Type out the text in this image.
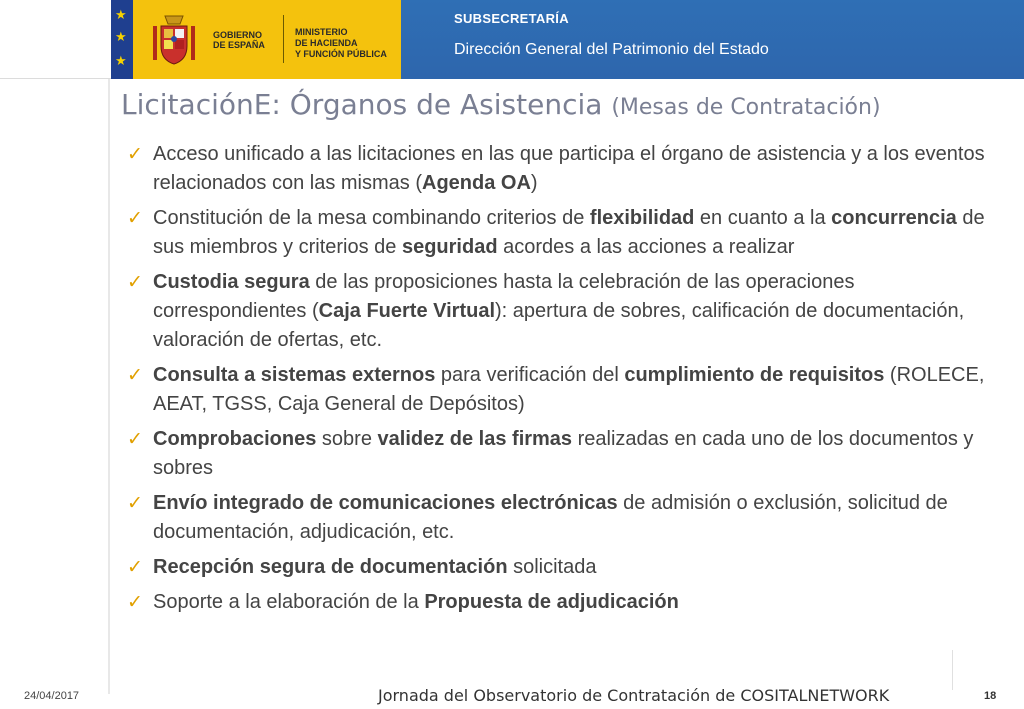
★
★
★
GOBIERNO
DE ESPAÑA
MINISTERIO
DE HACIENDA
Y FUNCIÓN PÚBLICA
SUBSECRETARÍA
Dirección General del Patrimonio del Estado
LicitaciónE: Órganos de Asistencia (Mesas de Contratación)
✓ Acceso unificado a las licitaciones en las que participa el órgano de asistencia y a los eventos relacionados con las mismas (Agenda OA)
✓ Constitución de la mesa combinando criterios de flexibilidad en cuanto a la concurrencia de sus miembros y criterios de seguridad acordes a las acciones a realizar
✓ Custodia segura de las proposiciones hasta la celebración de las operaciones correspondientes (Caja Fuerte Virtual): apertura de sobres, calificación de documentación, valoración de ofertas, etc.
✓ Consulta a sistemas externos para verificación del cumplimiento de requisitos (ROLECE, AEAT, TGSS, Caja General de Depósitos)
✓ Comprobaciones sobre validez de las firmas realizadas en cada uno de los documentos y sobres
✓ Envío integrado de comunicaciones electrónicas de admisión o exclusión, solicitud de documentación, adjudicación, etc.
✓ Recepción segura de documentación solicitada
✓ Soporte a la elaboración de la Propuesta de adjudicación
24/04/2017	Jornada del Observatorio de Contratación de COSITALNETWORK	18
